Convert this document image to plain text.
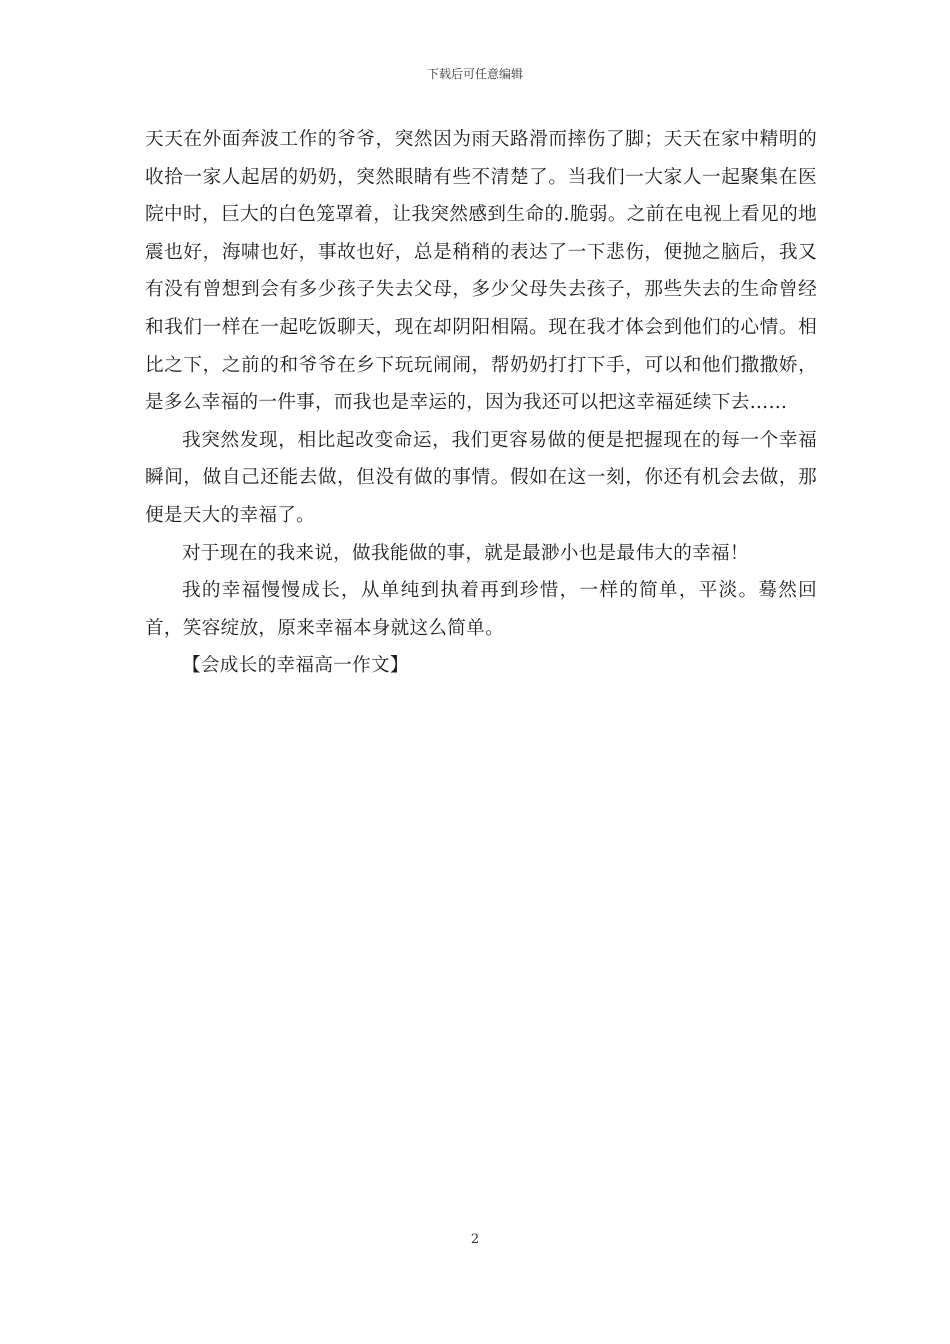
下载后可任意编辑

天天在外面奔波工作的爷爷，突然因为雨天路滑而摔伤了脚；天天在家中精明的收拾一家人起居的奶奶，突然眼睛有些不清楚了。当我们一大家人一起聚集在医院中时，巨大的白色笼罩着，让我突然感到生命的.脆弱。之前在电视上看见的地震也好，海啸也好，事故也好，总是稍稍的表达了一下悲伤，便抛之脑后，我又有没有曾想到会有多少孩子失去父母，多少父母失去孩子，那些失去的生命曾经和我们一样在一起吃饭聊天，现在却阴阳相隔。现在我才体会到他们的心情。相比之下，之前的和爷爷在乡下玩玩闹闹，帮奶奶打打下手，可以和他们撒撒娇，是多么幸福的一件事，而我也是幸运的，因为我还可以把这幸福延续下去……

我突然发现，相比起改变命运，我们更容易做的便是把握现在的每一个幸福瞬间，做自己还能去做，但没有做的事情。假如在这一刻，你还有机会去做，那便是天大的幸福了。

对于现在的我来说，做我能做的事，就是最渺小也是最伟大的幸福！

我的幸福慢慢成长，从单纯到执着再到珍惜，一样的简单，平淡。蓦然回首，笑容绽放，原来幸福本身就这么简单。

【会成长的幸福高一作文】

2
